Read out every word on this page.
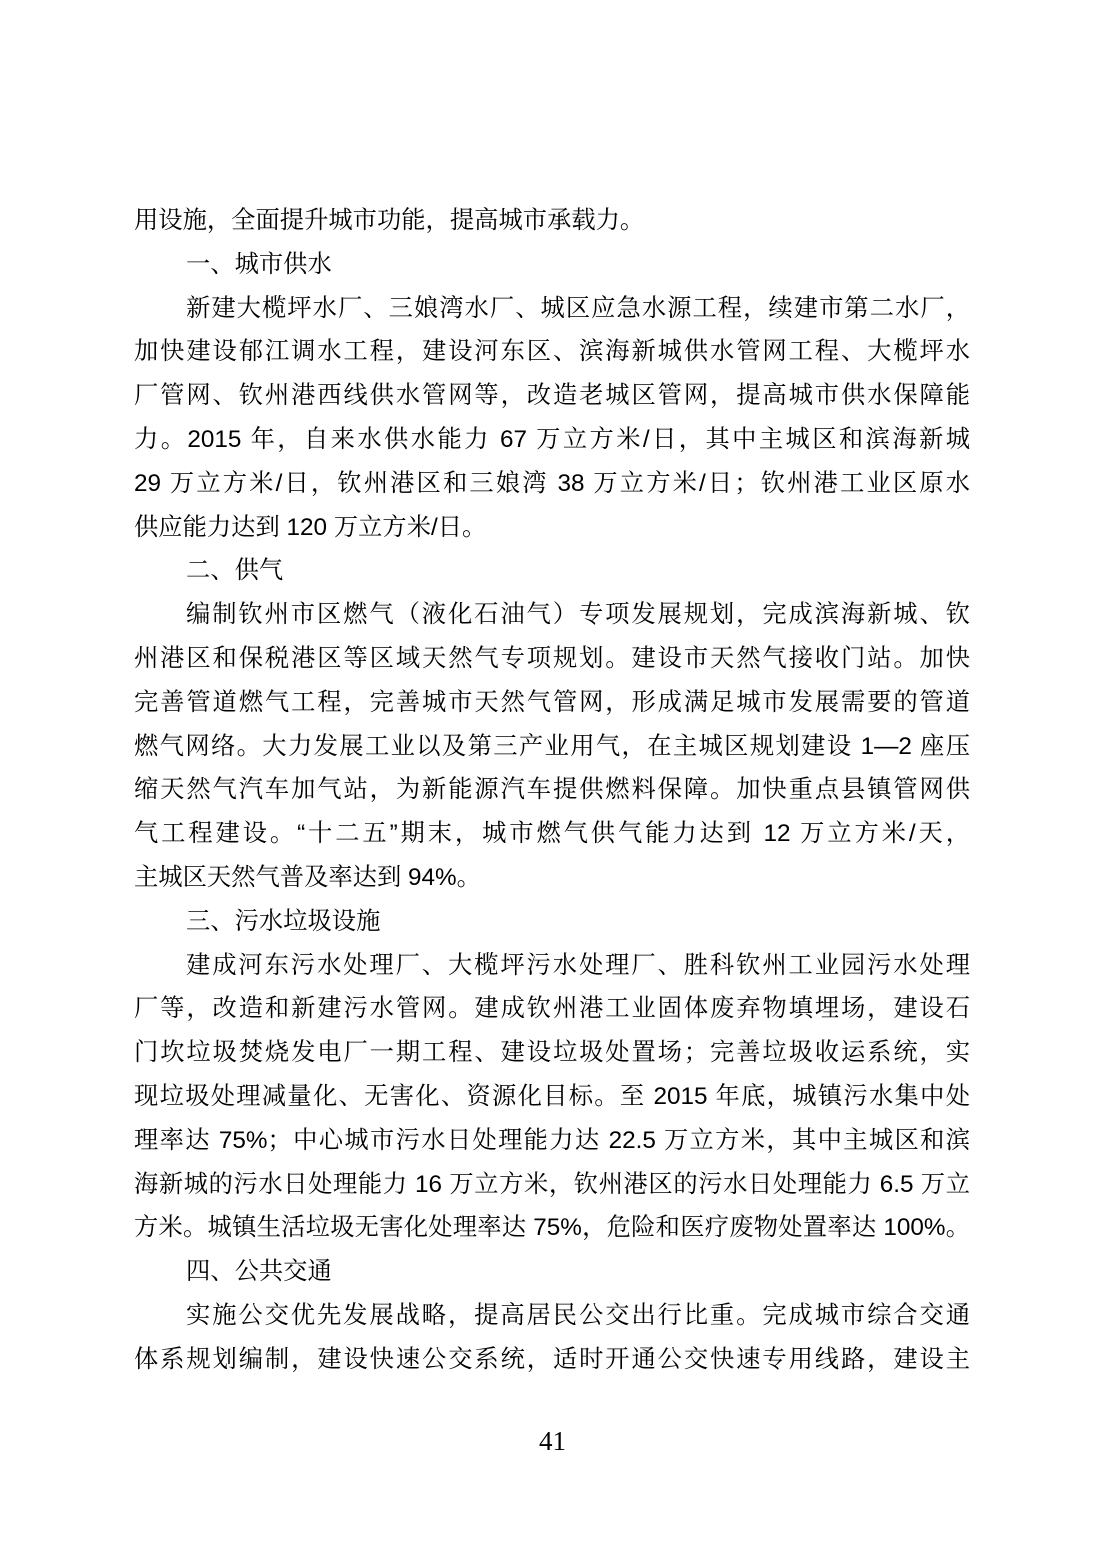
用设施，全面提升城市功能，提高城市承载力。
一、城市供水
新建大榄坪水厂、三娘湾水厂、城区应急水源工程，续建市第二水厂，
加快建设郁江调水工程，建设河东区、滨海新城供水管网工程、大榄坪水
厂管网、钦州港西线供水管网等，改造老城区管网，提高城市供水保障能
力。2015 年，自来水供水能力 67 万立方米/日，其中主城区和滨海新城
29 万立方米/日，钦州港区和三娘湾 38 万立方米/日；钦州港工业区原水
供应能力达到 120 万立方米/日。
二、供气
编制钦州市区燃气（液化石油气）专项发展规划，完成滨海新城、钦
州港区和保税港区等区域天然气专项规划。建设市天然气接收门站。加快
完善管道燃气工程，完善城市天然气管网，形成满足城市发展需要的管道
燃气网络。大力发展工业以及第三产业用气，在主城区规划建设 1—2 座压
缩天然气汽车加气站，为新能源汽车提供燃料保障。加快重点县镇管网供
气工程建设。“十二五”期末，城市燃气供气能力达到 12 万立方米/天，
主城区天然气普及率达到 94%。
三、污水垃圾设施
建成河东污水处理厂、大榄坪污水处理厂、胜科钦州工业园污水处理
厂等，改造和新建污水管网。建成钦州港工业固体废弃物填埋场，建设石
门坎垃圾焚烧发电厂一期工程、建设垃圾处置场；完善垃圾收运系统，实
现垃圾处理减量化、无害化、资源化目标。至 2015 年底，城镇污水集中处
理率达 75%；中心城市污水日处理能力达 22.5 万立方米，其中主城区和滨
海新城的污水日处理能力 16 万立方米，钦州港区的污水日处理能力 6.5 万立
方米。城镇生活垃圾无害化处理率达 75%，危险和医疗废物处置率达 100%。
四、公共交通
实施公交优先发展战略，提高居民公交出行比重。完成城市综合交通
体系规划编制，建设快速公交系统，适时开通公交快速专用线路，建设主
41
